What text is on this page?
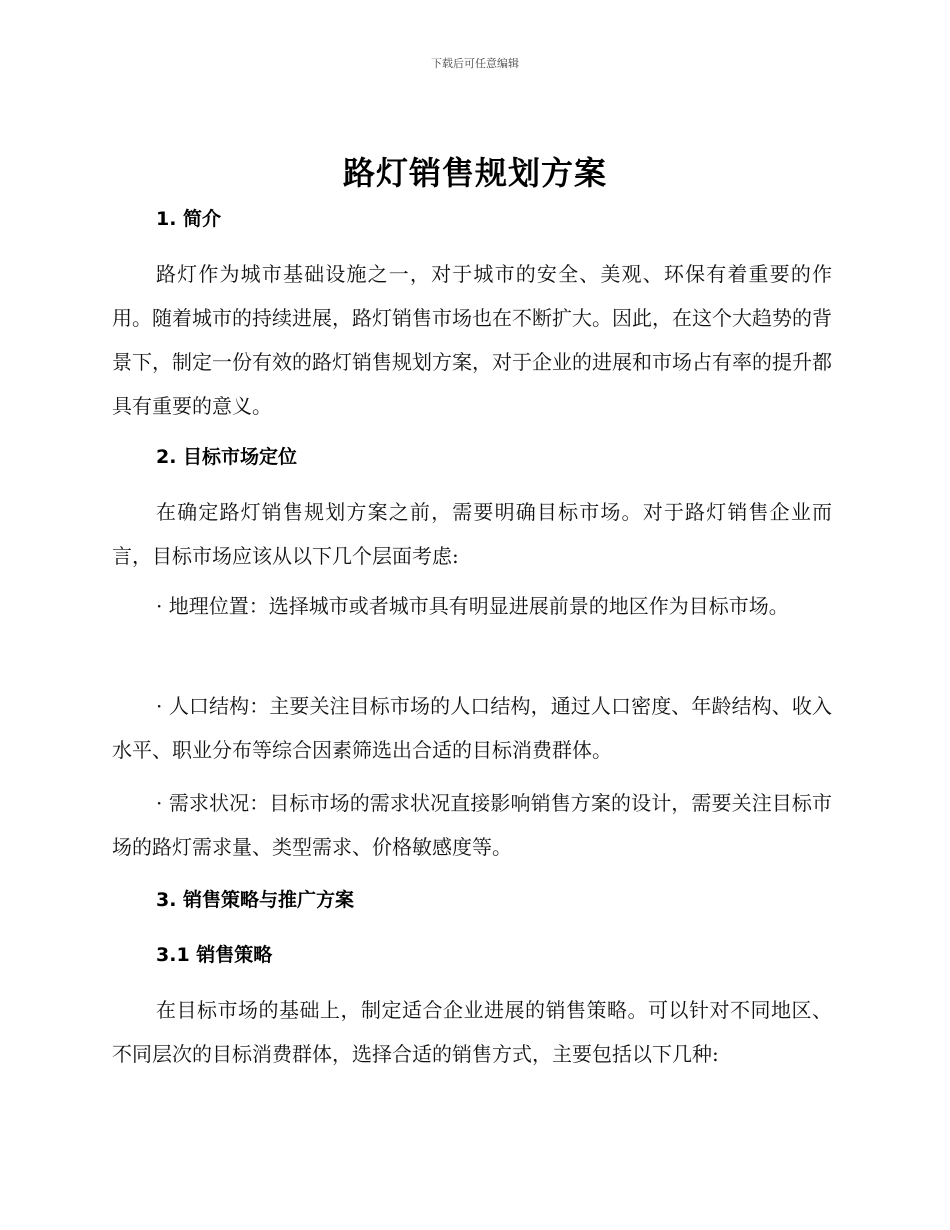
下载后可任意编辑
路灯销售规划方案
1. 简介
路灯作为城市基础设施之一，对于城市的安全、美观、环保有着重要的作用。随着城市的持续进展，路灯销售市场也在不断扩大。因此，在这个大趋势的背景下，制定一份有效的路灯销售规划方案，对于企业的进展和市场占有率的提升都具有重要的意义。
2. 目标市场定位
在确定路灯销售规划方案之前，需要明确目标市场。对于路灯销售企业而言，目标市场应该从以下几个层面考虑:
· 地理位置：选择城市或者城市具有明显进展前景的地区作为目标市场。
· 人口结构：主要关注目标市场的人口结构，通过人口密度、年龄结构、收入水平、职业分布等综合因素筛选出合适的目标消费群体。
· 需求状况：目标市场的需求状况直接影响销售方案的设计，需要关注目标市场的路灯需求量、类型需求、价格敏感度等。
3. 销售策略与推广方案
3.1 销售策略
在目标市场的基础上，制定适合企业进展的销售策略。可以针对不同地区、不同层次的目标消费群体，选择合适的销售方式，主要包括以下几种:
